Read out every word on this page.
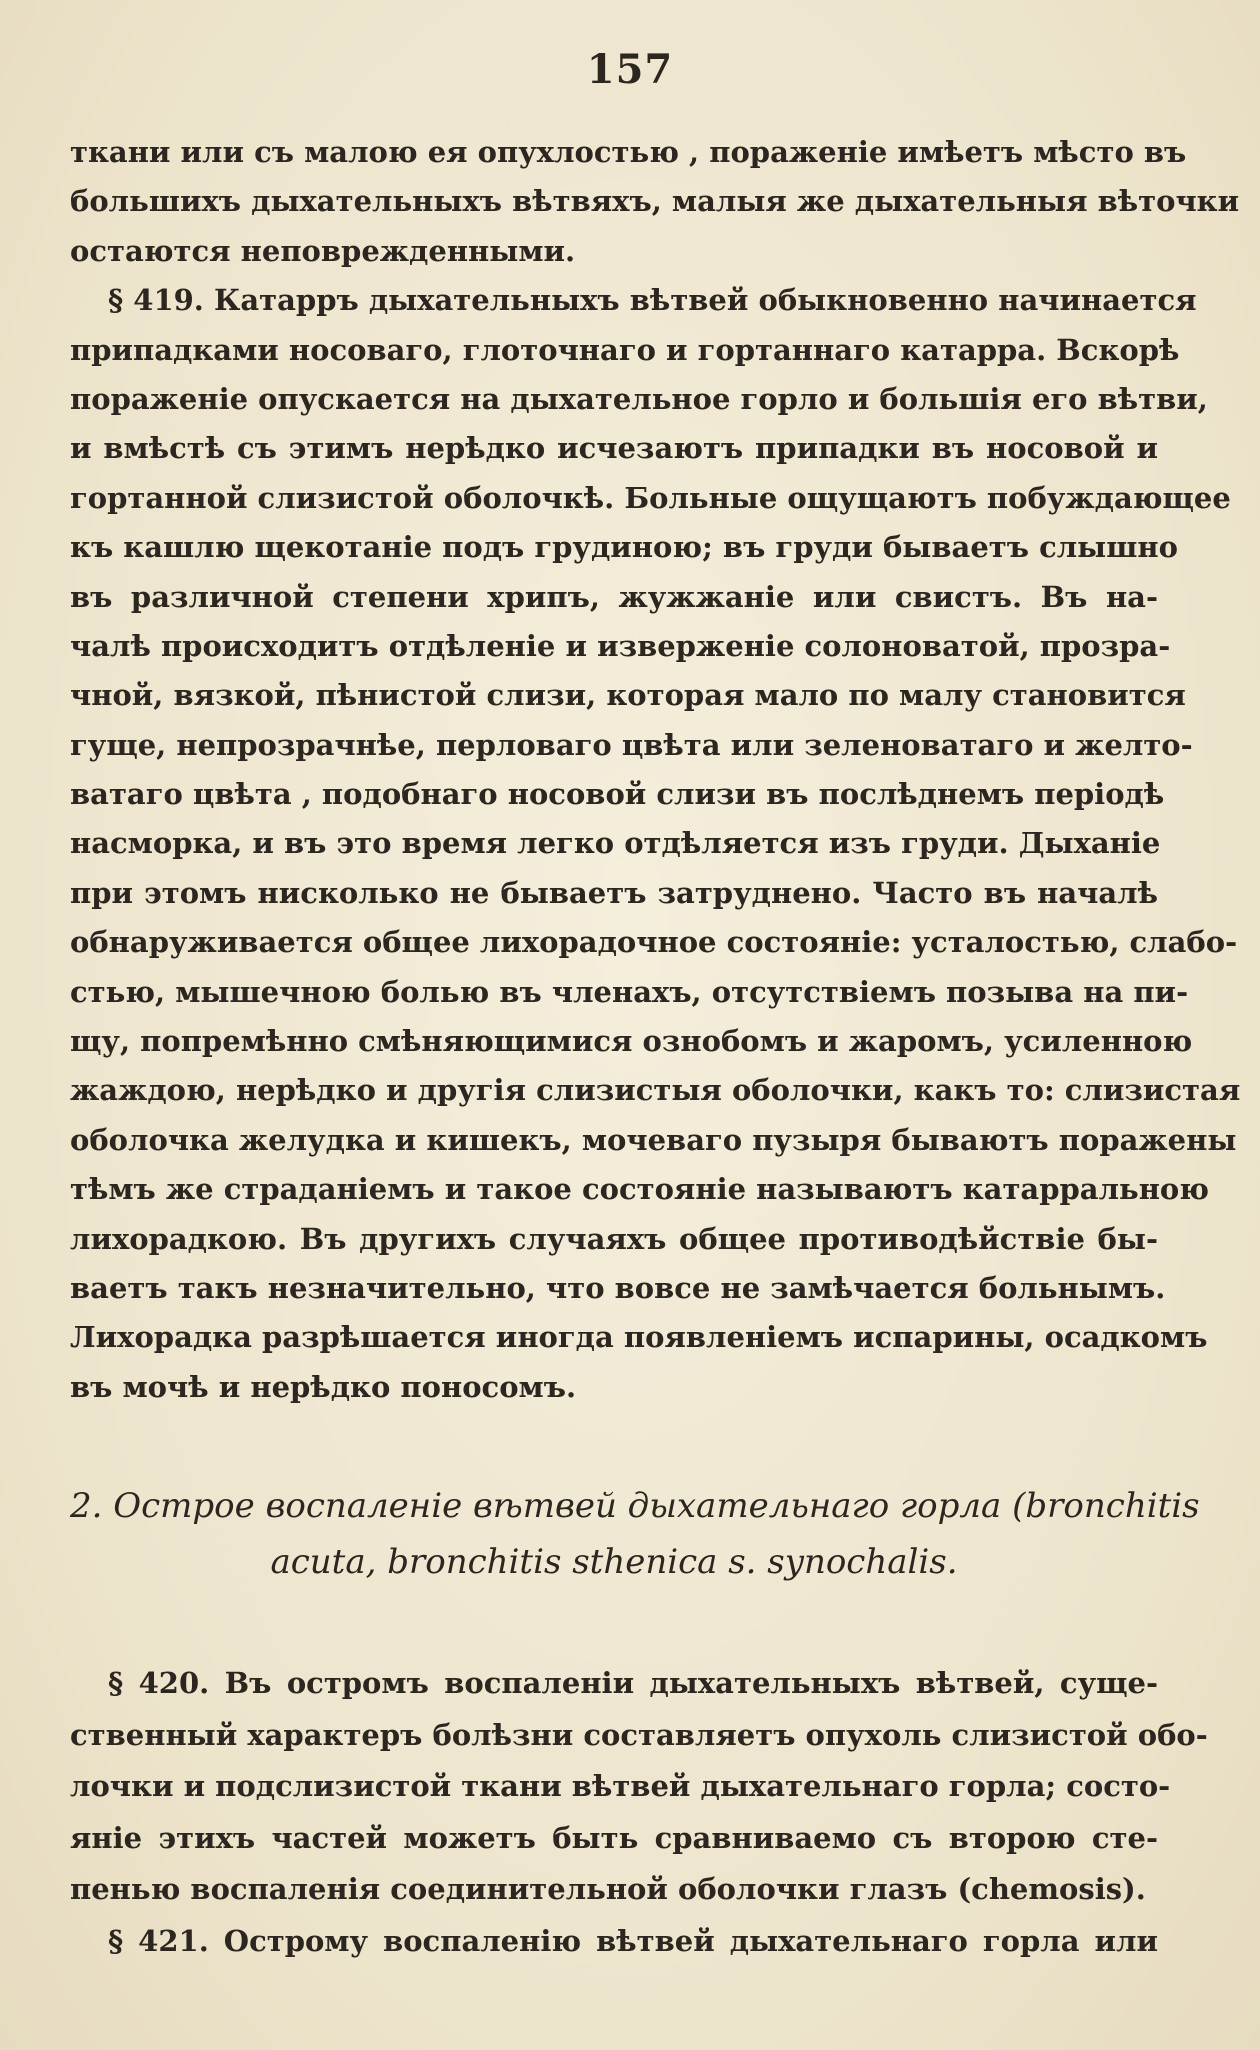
157
ткани или съ малою ея опухлостью , пораженіе имѣетъ мѣсто въ
большихъ дыхательныхъ вѣтвяхъ, малыя же дыхательныя вѣточки
остаются неповрежденными.
§ 419. Катарръ дыхательныхъ вѣтвей обыкновенно начинается
припадками носоваго, глоточнаго и гортаннаго катарра. Вскорѣ
пораженіе опускается на дыхательное горло и большія его вѣтви,
и вмѣстѣ съ этимъ нерѣдко исчезаютъ припадки въ носовой и
гортанной слизистой оболочкѣ. Больные ощущаютъ побуждающее
къ кашлю щекотаніе подъ грудиною; въ груди бываетъ слышно
въ различной степени хрипъ, жужжаніе или свистъ. Въ на-
чалѣ происходитъ отдѣленіе и изверженіе солоноватой, прозра-
чной, вязкой, пѣнистой слизи, которая мало по малу становится
гуще, непрозрачнѣе, перловаго цвѣта или зеленоватаго и желто-
ватаго цвѣта , подобнаго носовой слизи въ послѣднемъ періодѣ
насморка, и въ это время легко отдѣляется изъ груди. Дыханіе
при этомъ нисколько не бываетъ затруднено. Часто въ началѣ
обнаруживается общее лихорадочное состояніе: усталостью, слабо-
стью, мышечною болью въ членахъ, отсутствіемъ позыва на пи-
щу, попремѣнно смѣняющимися ознобомъ и жаромъ, усиленною
жаждою, нерѣдко и другія слизистыя оболочки, какъ то: слизистая
оболочка желудка и кишекъ, мочеваго пузыря бываютъ поражены
тѣмъ же страданіемъ и такое состояніе называютъ катарральною
лихорадкою. Въ другихъ случаяхъ общее противодѣйствіе бы-
ваетъ такъ незначительно, что вовсе не замѣчается больнымъ.
Лихорадка разрѣшается иногда появленіемъ испарины, осадкомъ
въ мочѣ и нерѣдко поносомъ.
2. Острое воспаленіе вѣтвей дыхательнаго горла (bronchitis
acuta, bronchitis sthenica s. synochalis.
§ 420. Въ остромъ воспаленіи дыхательныхъ вѣтвей, суще-
ственный характеръ болѣзни составляетъ опухоль слизистой обо-
лочки и подслизистой ткани вѣтвей дыхательнаго горла; состо-
яніе этихъ частей можетъ быть сравниваемо съ второю сте-
пенью воспаленія соединительной оболочки глазъ (chemosis).
§ 421. Острому воспаленію вѣтвей дыхательнаго горла или
